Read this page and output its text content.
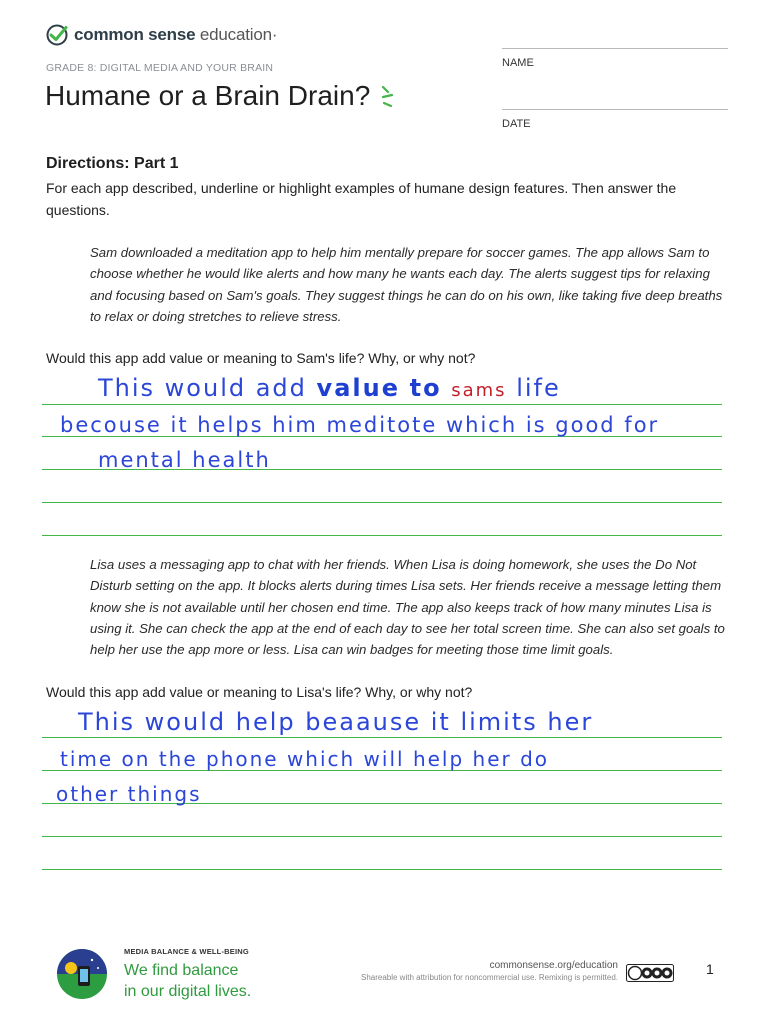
common sense education·
GRADE 8: DIGITAL MEDIA AND YOUR BRAIN
Humane or a Brain Drain?
NAME
DATE
Directions: Part 1
For each app described, underline or highlight examples of humane design features. Then answer the questions.
Sam downloaded a meditation app to help him mentally prepare for soccer games. The app allows Sam to choose whether he would like alerts and how many he wants each day. The alerts suggest tips for relaxing and focusing based on Sam's goals. They suggest things he can do on his own, like taking five deep breaths to relax or doing stretches to relieve stress.
Would this app add value or meaning to Sam's life? Why, or why not?
This would add value to sams life
becouse it helps him meditote which is good for
mental health
Lisa uses a messaging app to chat with her friends. When Lisa is doing homework, she uses the Do Not Disturb setting on the app. It blocks alerts during times Lisa sets. Her friends receive a message letting them know she is not available until her chosen end time. The app also keeps track of how many minutes Lisa is using it. She can check the app at the end of each day to see her total screen time. She can also set goals to help her use the app more or less. Lisa can win badges for meeting those time limit goals.
Would this app add value or meaning to Lisa's life? Why, or why not?
This would help beaause it limits her
time on the phone which will help her do
other things
MEDIA BALANCE & WELL-BEING
We find balance
in our digital lives.
commonsense.org/education
Shareable with attribution for noncommercial use. Remixing is permitted.
1
